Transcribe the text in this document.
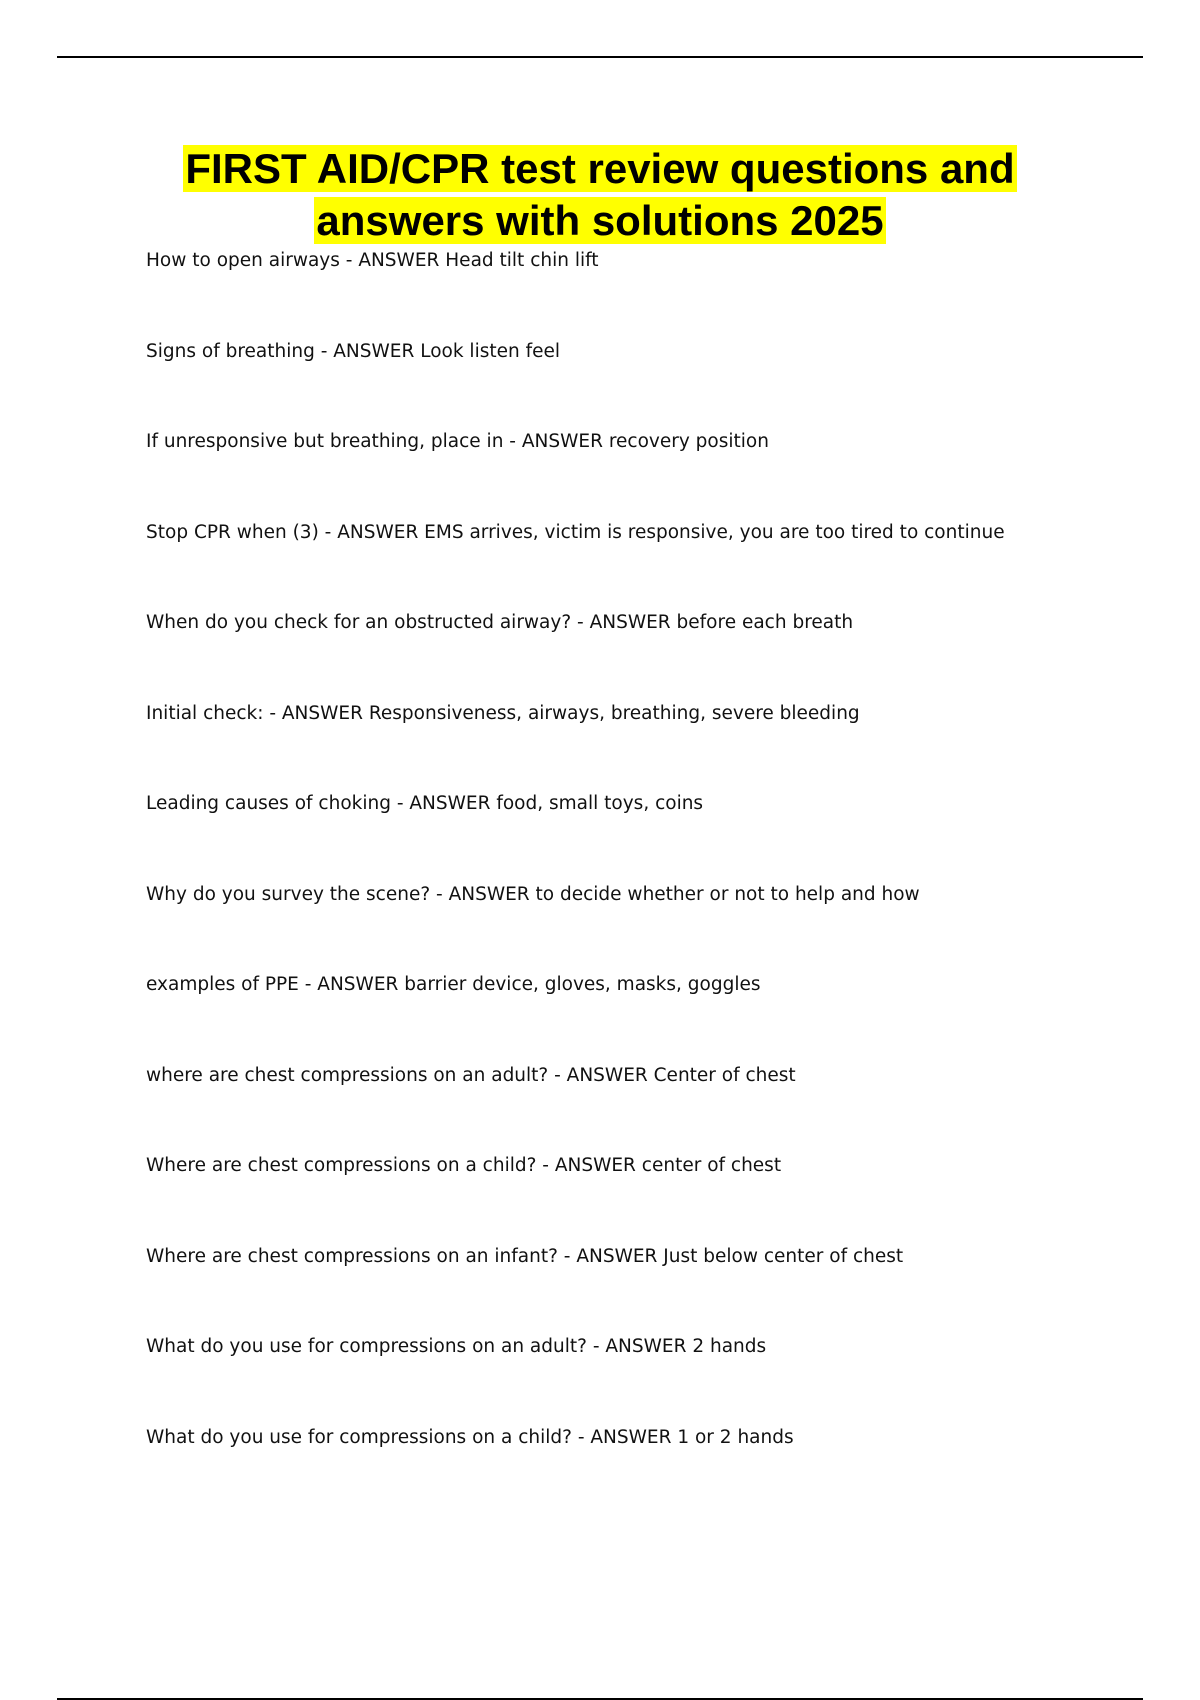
FIRST AID/CPR test review questions and
answers with solutions 2025
How to open airways - ANSWER Head tilt chin lift
Signs of breathing - ANSWER Look listen feel
If unresponsive but breathing, place in - ANSWER recovery position
Stop CPR when (3) - ANSWER EMS arrives, victim is responsive, you are too tired to continue
When do you check for an obstructed airway? - ANSWER before each breath
Initial check: - ANSWER Responsiveness, airways, breathing, severe bleeding
Leading causes of choking - ANSWER food, small toys, coins
Why do you survey the scene? - ANSWER to decide whether or not to help and how
examples of PPE - ANSWER barrier device, gloves, masks, goggles
where are chest compressions on an adult? - ANSWER Center of chest
Where are chest compressions on a child? - ANSWER center of chest
Where are chest compressions on an infant? - ANSWER Just below center of chest
What do you use for compressions on an adult? - ANSWER 2 hands
What do you use for compressions on a child? - ANSWER 1 or 2 hands
